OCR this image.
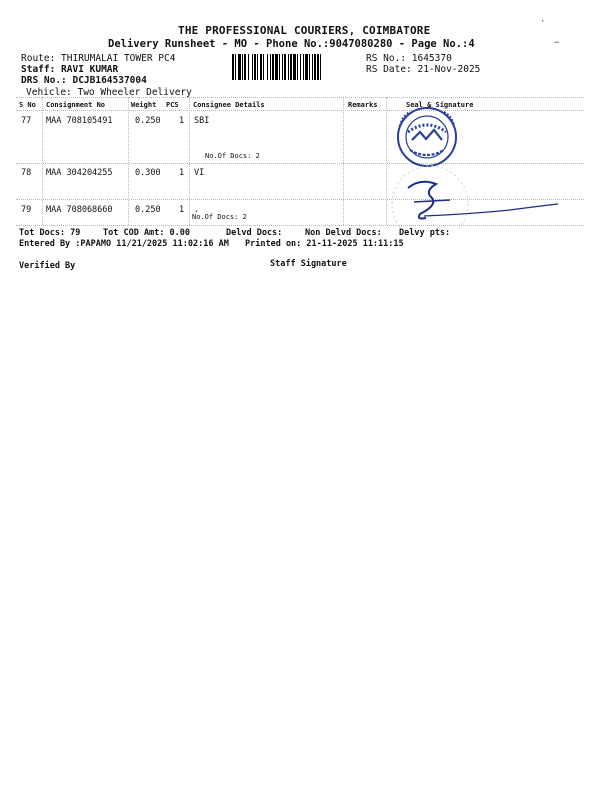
THE PROFESSIONAL COURIERS, COIMBATORE
Delivery Runsheet - MO - Phone No.:9047080280 - Page No.:4
·
−
Route: THIRUMALAI TOWER PC4
Staff: RAVI KUMAR
DRS No.: DCJB164537004
Vehicle: Two Wheeler Delivery
RS No.: 1645370
RS Date: 21-Nov-2025
S No Consignment No	Weight PCS Consignee Details	Remarks	Seal & Signature
77 MAA 708105491	0.250 1 SBI
No.Of Docs: 2
78 MAA 304204255	0.300 1 VI
79 MAA 708068660	0.250 1 .
No.Of Docs: 2
Tot Docs: 79	Tot COD Amt: 0.00	Delvd Docs:	Non Delvd Docs: Delvy pts:
Entered By :PAPAMO 11/21/2025 11:02:16 AM Printed on: 21-11-2025 11:11:15
Verified By	Staff Signature
